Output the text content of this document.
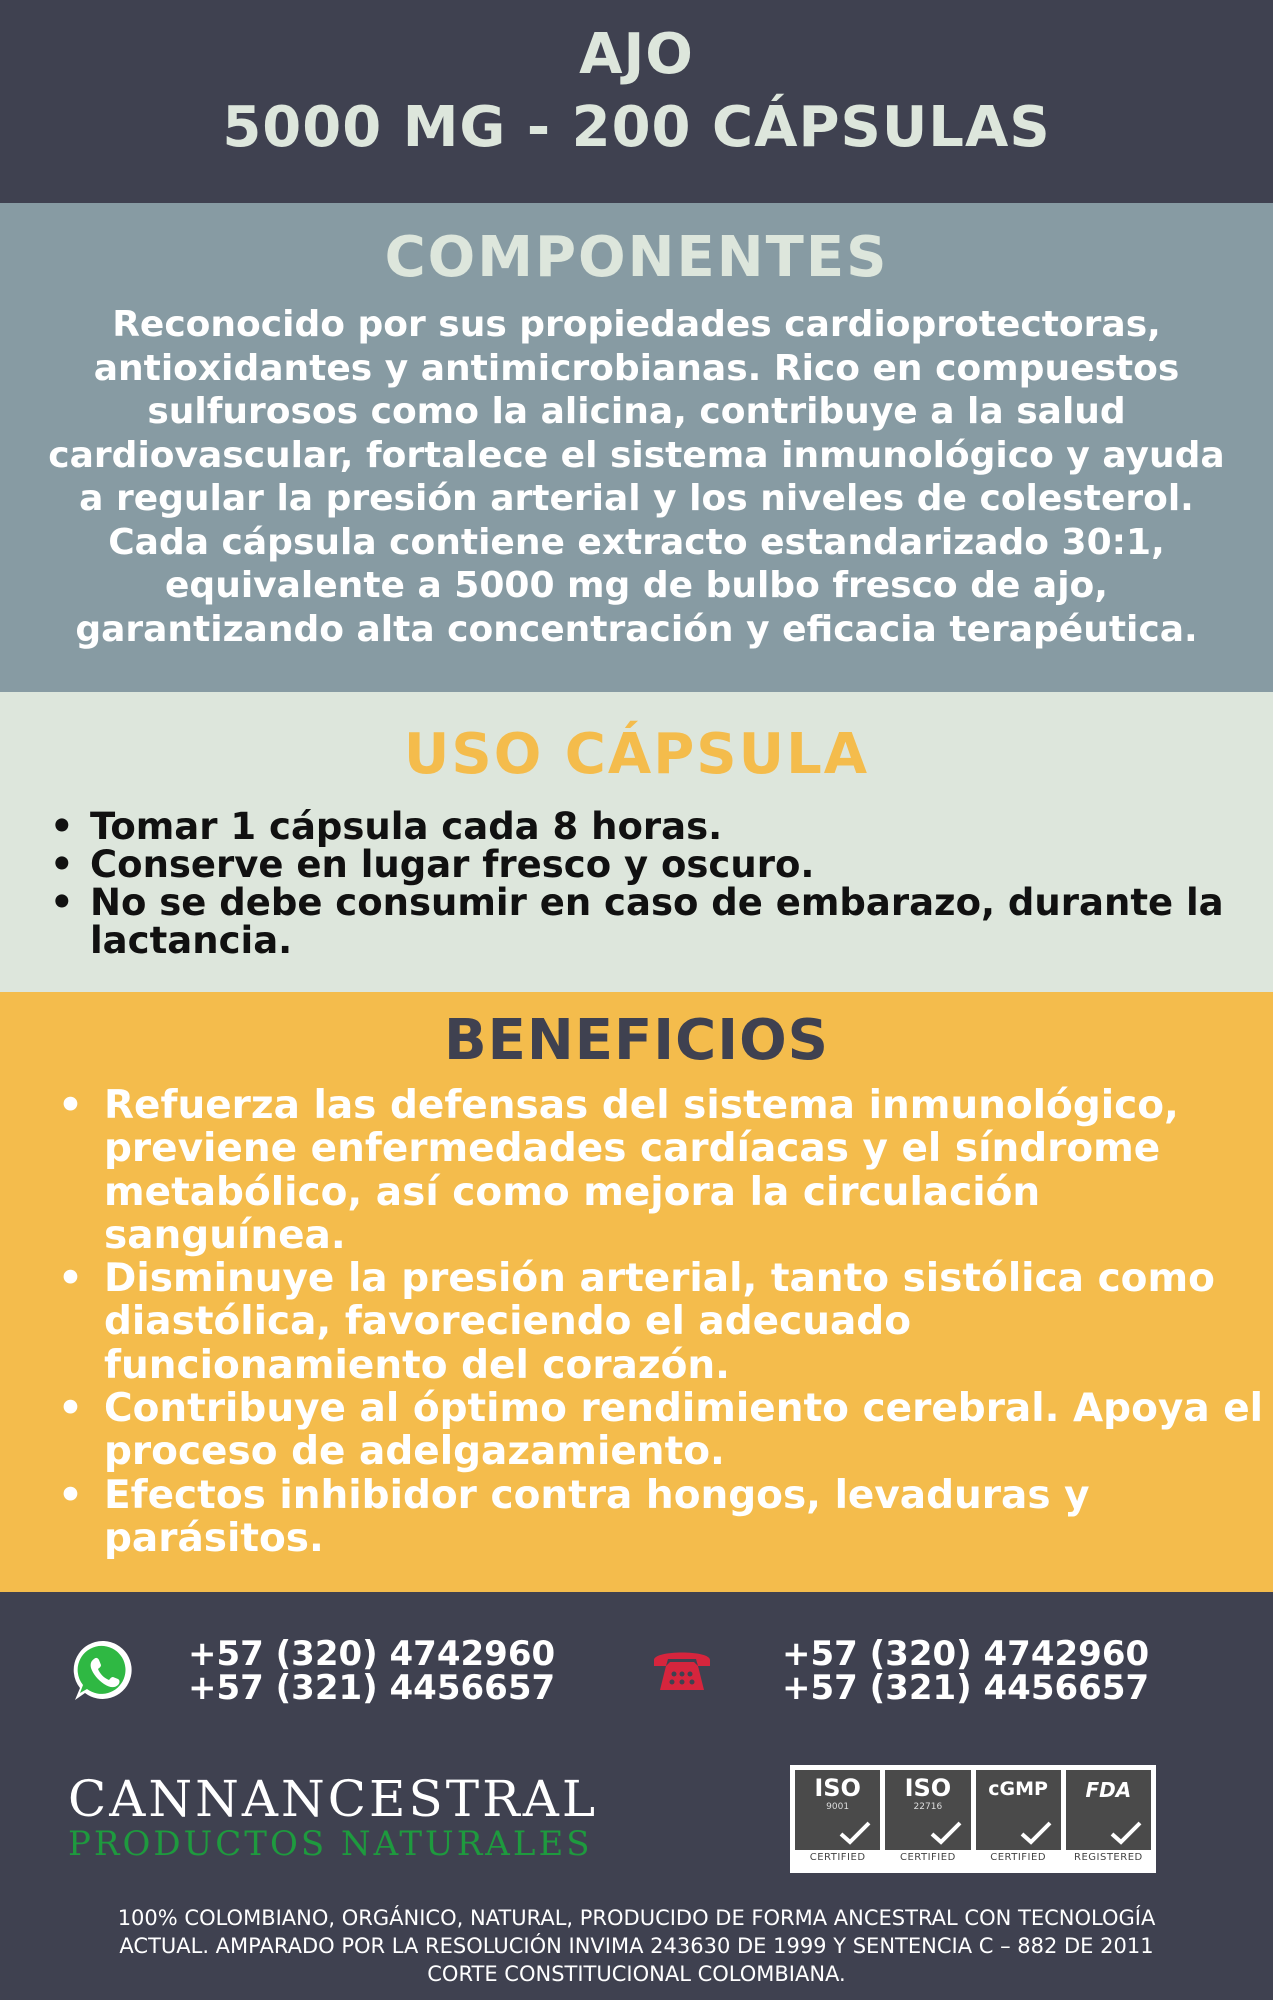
AJO
5000 MG - 200 CÁPSULAS
COMPONENTES
Reconocido por sus propiedades cardioprotectoras,
antioxidantes y antimicrobianas. Rico en compuestos
sulfurosos como la alicina, contribuye a la salud
cardiovascular, fortalece el sistema inmunológico y ayuda
a regular la presión arterial y los niveles de colesterol.
Cada cápsula contiene extracto estandarizado 30:1,
equivalente a 5000 mg de bulbo fresco de ajo,
garantizando alta concentración y eficacia terapéutica.
USO CÁPSULA
• Tomar 1 cápsula cada 8 horas.
• Conserve en lugar fresco y oscuro.
• No se debe consumir en caso de embarazo, durante la
lactancia.
BENEFICIOS
• Refuerza las defensas del sistema inmunológico,
previene enfermedades cardíacas y el síndrome
metabólico, así como mejora la circulación
sanguínea.
• Disminuye la presión arterial, tanto sistólica como
diastólica, favoreciendo el adecuado
funcionamiento del corazón.
• Contribuye al óptimo rendimiento cerebral. Apoya el
proceso de adelgazamiento.
• Efectos inhibidor contra hongos, levaduras y
parásitos.
+57 (320) 4742960
+57 (321) 4456657
+57 (320) 4742960
+57 (321) 4456657
CANNANCESTRAL
PRODUCTOS NATURALES
ISO
9001
CERTIFIED
ISO
22716
CERTIFIED
cGMP
CERTIFIED
FDA
REGISTERED
100% COLOMBIANO, ORGÁNICO, NATURAL, PRODUCIDO DE FORMA ANCESTRAL CON TECNOLOGÍA
ACTUAL. AMPARADO POR LA RESOLUCIÓN INVIMA 243630 DE 1999 Y SENTENCIA C – 882 DE 2011
CORTE CONSTITUCIONAL COLOMBIANA.
